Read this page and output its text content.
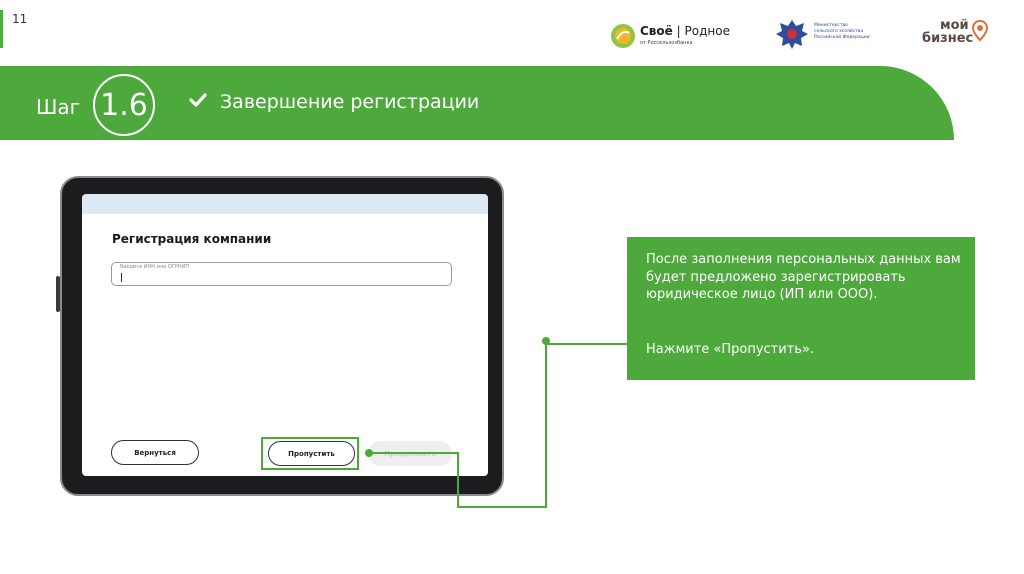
11
Своё | Родное
от Россельхозбанка
Министерство
сельского хозяйства
Российской Федерации
мой
бизнес
Шаг 1.6	Завершение регистрации
Регистрация компании
Введите ИНН или ОГРНИП
Вернуться	Пропустить	Продолжить
После заполнения персональных данных вам будет предложено зарегистрировать юридическое лицо (ИП или ООО).
Нажмите «Пропустить».
